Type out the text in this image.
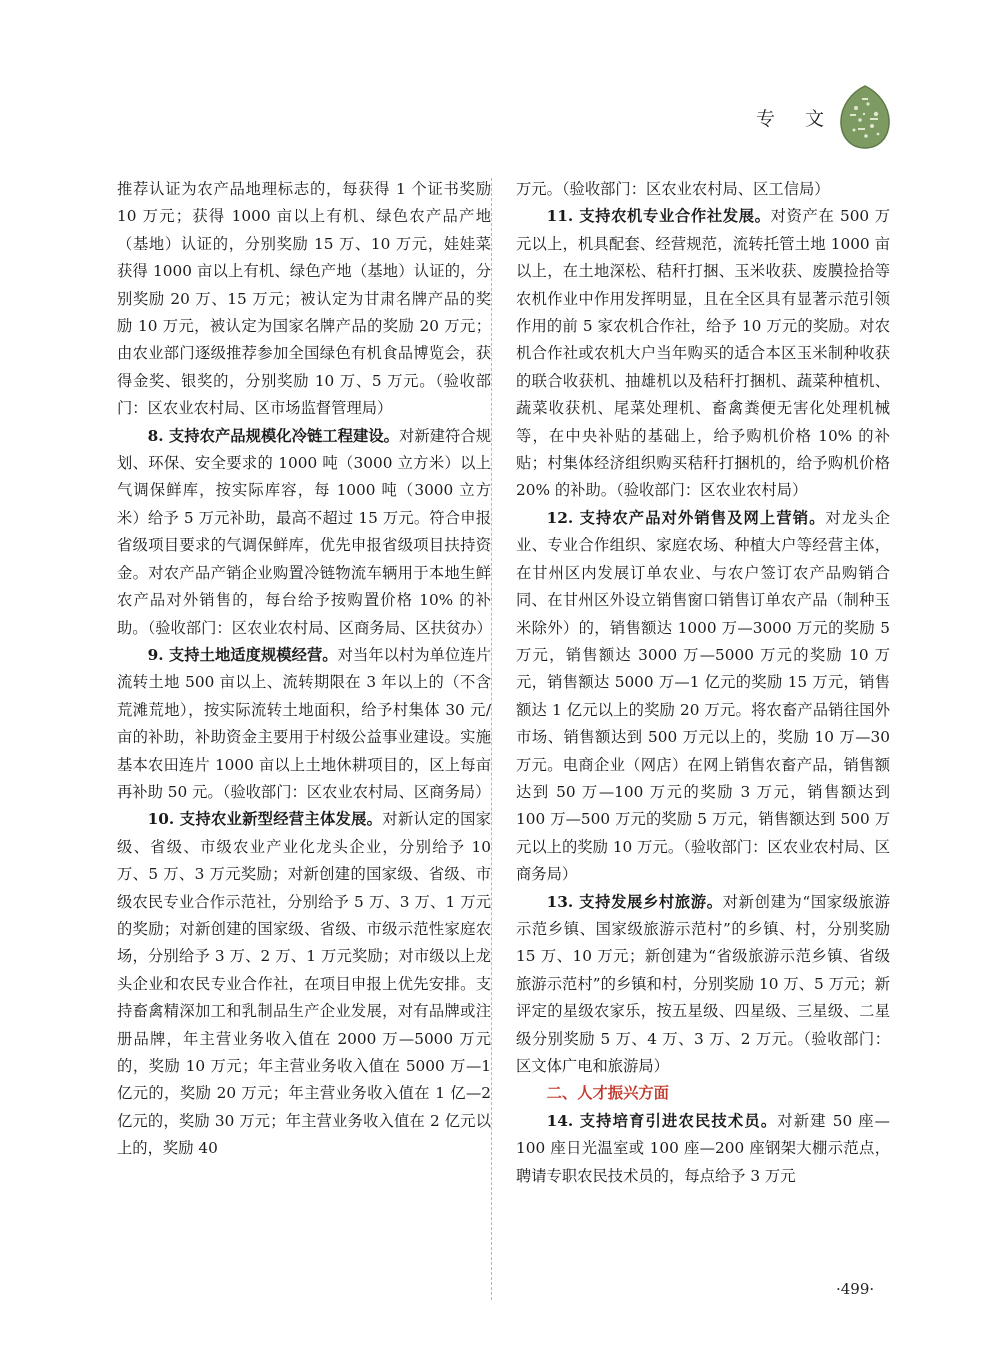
专 文

推荐认证为农产品地理标志的，每获得 1 个证书奖励 10 万元；获得 1000 亩以上有机、绿色农产品产地（基地）认证的，分别奖励 15 万、10 万元，娃娃菜获得 1000 亩以上有机、绿色产地（基地）认证的，分别奖励 20 万、15 万元；被认定为甘肃名牌产品的奖励 10 万元，被认定为国家名牌产品的奖励 20 万元；由农业部门逐级推荐参加全国绿色有机食品博览会，获得金奖、银奖的，分别奖励 10 万、5 万元。（验收部门：区农业农村局、区市场监督管理局）

8. 支持农产品规模化冷链工程建设。对新建符合规划、环保、安全要求的 1000 吨（3000 立方米）以上气调保鲜库，按实际库容，每 1000 吨（3000 立方米）给予 5 万元补助，最高不超过 15 万元。符合申报省级项目要求的气调保鲜库，优先申报省级项目扶持资金。对农产品产销企业购置冷链物流车辆用于本地生鲜农产品对外销售的，每台给予按购置价格 10% 的补助。（验收部门：区农业农村局、区商务局、区扶贫办）

9. 支持土地适度规模经营。对当年以村为单位连片流转土地 500 亩以上、流转期限在 3 年以上的（不含荒滩荒地），按实际流转土地面积，给予村集体 30 元/亩的补助，补助资金主要用于村级公益事业建设。实施基本农田连片 1000 亩以上土地休耕项目的，区上每亩再补助 50 元。（验收部门：区农业农村局、区商务局）

10. 支持农业新型经营主体发展。对新认定的国家级、省级、市级农业产业化龙头企业，分别给予 10 万、5 万、3 万元奖励；对新创建的国家级、省级、市级农民专业合作示范社，分别给予 5 万、3 万、1 万元的奖励；对新创建的国家级、省级、市级示范性家庭农场，分别给予 3 万、2 万、1 万元奖励；对市级以上龙头企业和农民专业合作社，在项目申报上优先安排。支持畜禽精深加工和乳制品生产企业发展，对有品牌或注册品牌，年主营业务收入值在 2000 万—5000 万元的，奖励 10 万元；年主营业务收入值在 5000 万—1 亿元的，奖励 20 万元；年主营业务收入值在 1 亿—2 亿元的，奖励 30 万元；年主营业务收入值在 2 亿元以上的，奖励 40

万元。（验收部门：区农业农村局、区工信局）

11. 支持农机专业合作社发展。对资产在 500 万元以上，机具配套、经营规范，流转托管土地 1000 亩以上，在土地深松、秸秆打捆、玉米收获、废膜捡拾等农机作业中作用发挥明显，且在全区具有显著示范引领作用的前 5 家农机合作社，给予 10 万元的奖励。对农机合作社或农机大户当年购买的适合本区玉米制种收获的联合收获机、抽雄机以及秸秆打捆机、蔬菜种植机、蔬菜收获机、尾菜处理机、畜禽粪便无害化处理机械等，在中央补贴的基础上，给予购机价格 10% 的补贴；村集体经济组织购买秸秆打捆机的，给予购机价格 20% 的补助。（验收部门：区农业农村局）

12. 支持农产品对外销售及网上营销。对龙头企业、专业合作组织、家庭农场、种植大户等经营主体，在甘州区内发展订单农业、与农户签订农产品购销合同、在甘州区外设立销售窗口销售订单农产品（制种玉米除外）的，销售额达 1000 万—3000 万元的奖励 5 万元，销售额达 3000 万—5000 万元的奖励 10 万元，销售额达 5000 万—1 亿元的奖励 15 万元，销售额达 1 亿元以上的奖励 20 万元。将农畜产品销往国外市场、销售额达到 500 万元以上的，奖励 10 万—30 万元。电商企业（网店）在网上销售农畜产品，销售额达到 50 万—100 万元的奖励 3 万元，销售额达到 100 万—500 万元的奖励 5 万元，销售额达到 500 万元以上的奖励 10 万元。（验收部门：区农业农村局、区商务局）

13. 支持发展乡村旅游。对新创建为“国家级旅游示范乡镇、国家级旅游示范村”的乡镇、村，分别奖励 15 万、10 万元；新创建为“省级旅游示范乡镇、省级旅游示范村”的乡镇和村，分别奖励 10 万、5 万元；新评定的星级农家乐，按五星级、四星级、三星级、二星级分别奖励 5 万、4 万、3 万、2 万元。（验收部门：区文体广电和旅游局）

二、人才振兴方面

14. 支持培育引进农民技术员。对新建 50 座—100 座日光温室或 100 座—200 座钢架大棚示范点，聘请专职农民技术员的，每点给予 3 万元

·499·
